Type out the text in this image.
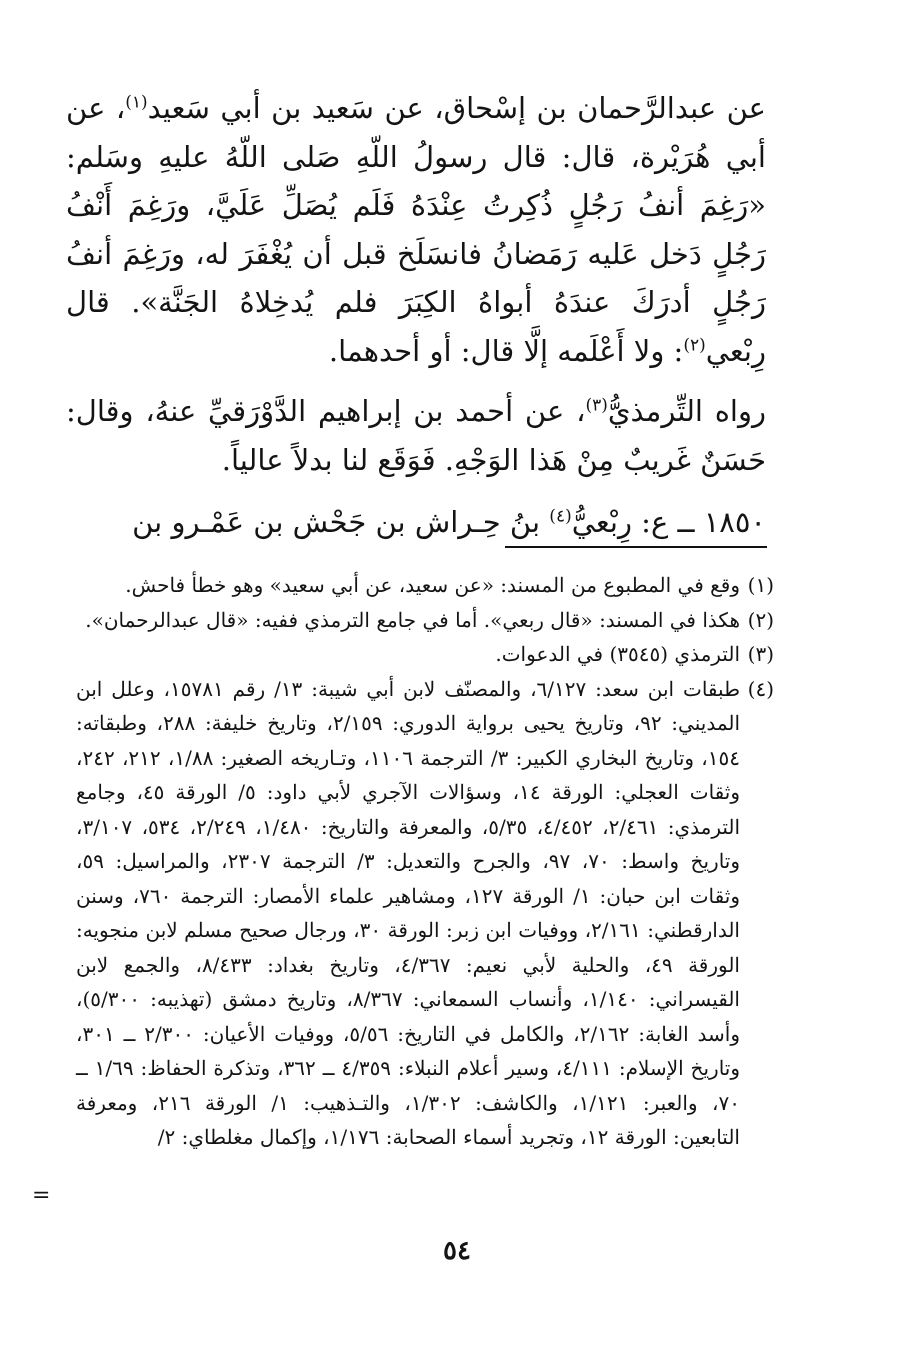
عن عبدالرَّحمان بن إسْحاق، عن سَعيد بن أبي سَعيد$^{(١)}$، عن أبي هُرَيْرة، قال: قال رسولُ اللّهِ صَلى اللّهُ عليهِ وسَلم: «رَغِمَ أنفُ رَجُلٍ ذُكِرتُ عِنْدَهُ فَلَم يُصَلِّ عَلَيَّ، ورَغِمَ أَنْفُ رَجُلٍ دَخل عَليه رَمَضانُ فانسَلَخ قبل أن يُغْفَرَ له، ورَغِمَ أنفُ رَجُلٍ أدرَكَ عندَهُ أبواهُ الكِبَرَ فلم يُدخِلاهُ الجَنَّة». قال رِبْعي$^{(٢)}$: ولا أَعْلَمه إلَّا قال: أو أحدهما.

رواه التِّرمذيُّ$^{(٣)}$، عن أحمد بن إبراهيم الدَّوْرَقيِّ عنهُ، وقال: حَسَنٌ غَريبٌ مِنْ هَذا الوَجْهِ. فَوَقَع لنا بدلاً عالياً.

١٨٥٠ ــ ع: رِبْعيُّ$^{(٤)}$ بنُ حِـراش بن جَحْش بن عَمْـرو بن

(١)
وقع في المطبوع من المسند: «عن سعيد، عن أبي سعيد» وهو خطأ فاحش.
(٢)
هكذا في المسند: «قال ربعي». أما في جامع الترمذي ففيه: «قال عبدالرحمان».
(٣)
الترمذي (٣٥٤٥) في الدعوات.
(٤)
طبقات ابن سعد: ٦/١٢٧، والمصنّف لابن أبي شيبة: ١٣/ رقم ١٥٧٨١، وعلل ابن المديني: ٩٢، وتاريخ يحيى برواية الدوري: ٢/١٥٩، وتاريخ خليفة: ٢٨٨، وطبقاته: ١٥٤، وتاريخ البخاري الكبير: ٣/ الترجمة ١١٠٦، وتـاريخه الصغير: ١/٨٨، ٢١٢، ٢٤٢، وثقات العجلي: الورقة ١٤، وسؤالات الآجري لأبي داود: ٥/ الورقة ٤٥، وجامع الترمذي: ٢/٤٦١، ٤/٤٥٢، ٥/٣٥، والمعرفة والتاريخ: ١/٤٨٠، ٢/٢٤٩، ٥٣٤، ٣/١٠٧، وتاريخ واسط: ٧٠، ٩٧، والجرح والتعديل: ٣/ الترجمة ٢٣٠٧، والمراسيل: ٥٩، وثقات ابن حبان: ١/ الورقة ١٢٧، ومشاهير علماء الأمصار: الترجمة ٧٦٠، وسنن الدارقطني: ٢/١٦١، ووفيات ابن زبر: الورقة ٣٠، ورجال صحيح مسلم لابن منجويه: الورقة ٤٩، والحلية لأبي نعيم: ٤/٣٦٧، وتاريخ بغداد: ٨/٤٣٣، والجمع لابن القيسراني: ١/١٤٠، وأنساب السمعاني: ٨/٣٦٧، وتاريخ دمشق (تهذيبه: ٥/٣٠٠)، وأسد الغابة: ٢/١٦٢، والكامل في التاريخ: ٥/٥٦، ووفيات الأعيان: ٢/٣٠٠ ــ ٣٠١، وتاريخ الإسلام: ٤/١١١، وسير أعلام النبلاء: ٤/٣٥٩ ــ ٣٦٢، وتذكرة الحفاظ: ١/٦٩ ــ ٧٠، والعبر: ١/١٢١، والكاشف: ١/٣٠٢، والتـذهيب: ١/ الورقة ٢١٦، ومعرفة التابعين: الورقة ١٢، وتجريد أسماء الصحابة: ١/١٧٦، وإكمال مغلطاي: ٢/
=
٥٤
